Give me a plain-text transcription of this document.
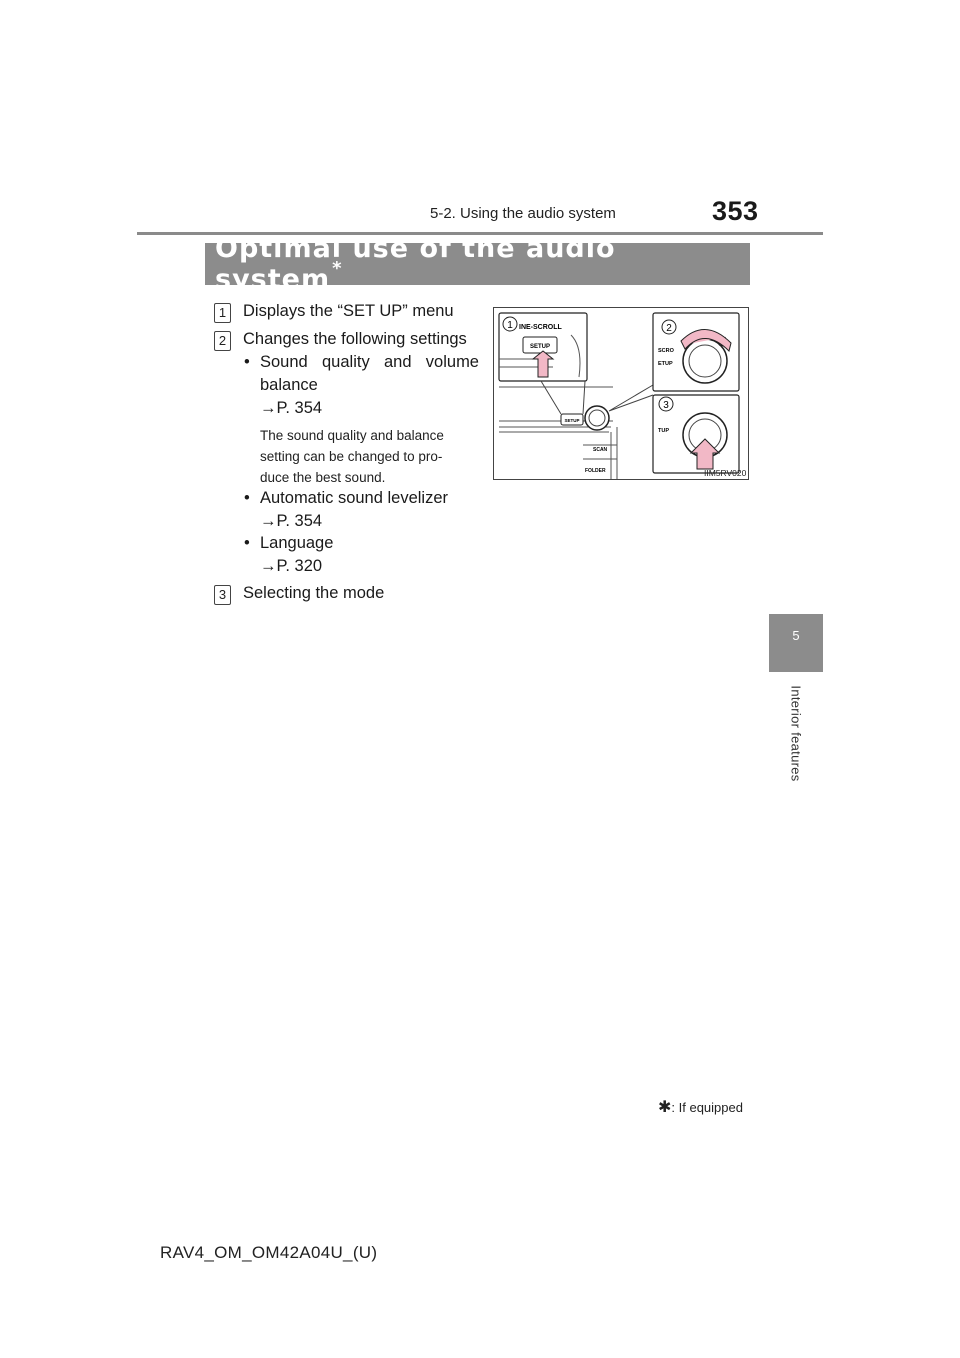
5-2. Using the audio system	353
Optimal use of the audio system *
1 Displays the “SET UP” menu
2 Changes the following settings
• Sound quality and volume
balance
→P. 354
The sound quality and balance
setting can be changed to pro-
duce the best sound.
• Automatic sound levelizer
→P. 354
• Language
→P. 320
3 Selecting the mode
SETUP
SCAN
FOLDER
1 INE-SCROLL
SETUP
2
SCRO
ETUP
3
TUP
IIM5RV020
5
Interior features
✱: If equipped
RAV4_OM_OM42A04U_(U)
